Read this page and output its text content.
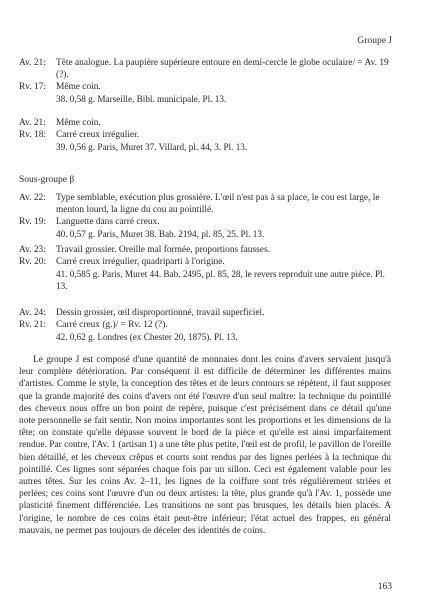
Groupe J
Av. 21:	Tête analogue. La paupière supérieure entoure en demi-cercle le globe oculaire/ = Av. 19 (?).
Rv. 17:	Même coin.
38. 0,58 g. Marseille, Bibl. municipale. Pl. 13.
Av. 21:	Même coin.
Rv. 18:	Carré creux irrégulier.
39. 0,56 g. Paris, Muret 37. Villard, pl. 44, 3. Pl. 13.
Sous-groupe β
Av. 22:	Type semblable, exécution plus grossière. L'œil n'est pas à sa place, le cou est large, le menton lourd, la ligne du cou au pointillé.
Rv. 19:	Languette dans carré creux.
40. 0,57 g. Paris, Muret 38. Bab. 2194, pl. 85, 25. Pl. 13.
Av. 23:	Travail grossier. Oreille mal formée, proportions fausses.
Rv. 20:	Carré creux irrégulier, quadriparti à l'origine.
41. 0,585 g. Paris, Muret 44. Bab. 2495, pl. 85, 28, le revers reproduit une autre pièce. Pl. 13.
Av. 24:	Dessin grossier, œil disproportionné, travail superficiel.
Rv. 21:	Carré creux (g.)/ = Rv. 12 (?).
42. 0,62 g. Londres (ex Chester 20, 1875). Pl. 13.

Le groupe J est composé d'une quantité de monnaies dont les coins d'avers servaient jusqu'à leur complète détérioration. Par conséquent il est difficile de déterminer les différentes mains d'artistes. Comme le style, la conception des têtes et de leurs contours se répètent, il faut supposer que la grande majorité des coins d'avers ont été l'œuvre d'un seul maître: la technique du pointillé des cheveux nous offre un bon point de repère, puisque c'est précisément dans ce détail qu'une note personnelle se fait sentir. Non moins importantes sont les proportions et les dimensions de la tête; on constate qu'elle dépasse souvent le bord de la pièce et qu'elle est ainsi imparfaitement rendue. Par contre, l'Av. 1 (artisan 1) a une tête plus petite, l'œil est de profil, le pavillon de l'oreille bien détaillé, et les cheveux crêpus et courts sont rendus par des lignes perlées à la technique du pointillé. Ces lignes sont séparées chaque fois par un sillon. Ceci est également valable pour les autres têtes. Sur les coins Av. 2–11, les lignes de la coiffure sont très régulièrement striées et perlées; ces coins sont l'œuvre d'un ou deux artistes: la tête, plus grande qu'à l'Av. 1, possède une plasticité finement différenciée. Les transitions ne sont pas brusques, les détails bien placés. A l'origine, le nombre de ces coins était peut-être inférieur; l'état actuel des frappes, en général mauvais, ne permet pas toujours de déceler des identités de coins.

163
